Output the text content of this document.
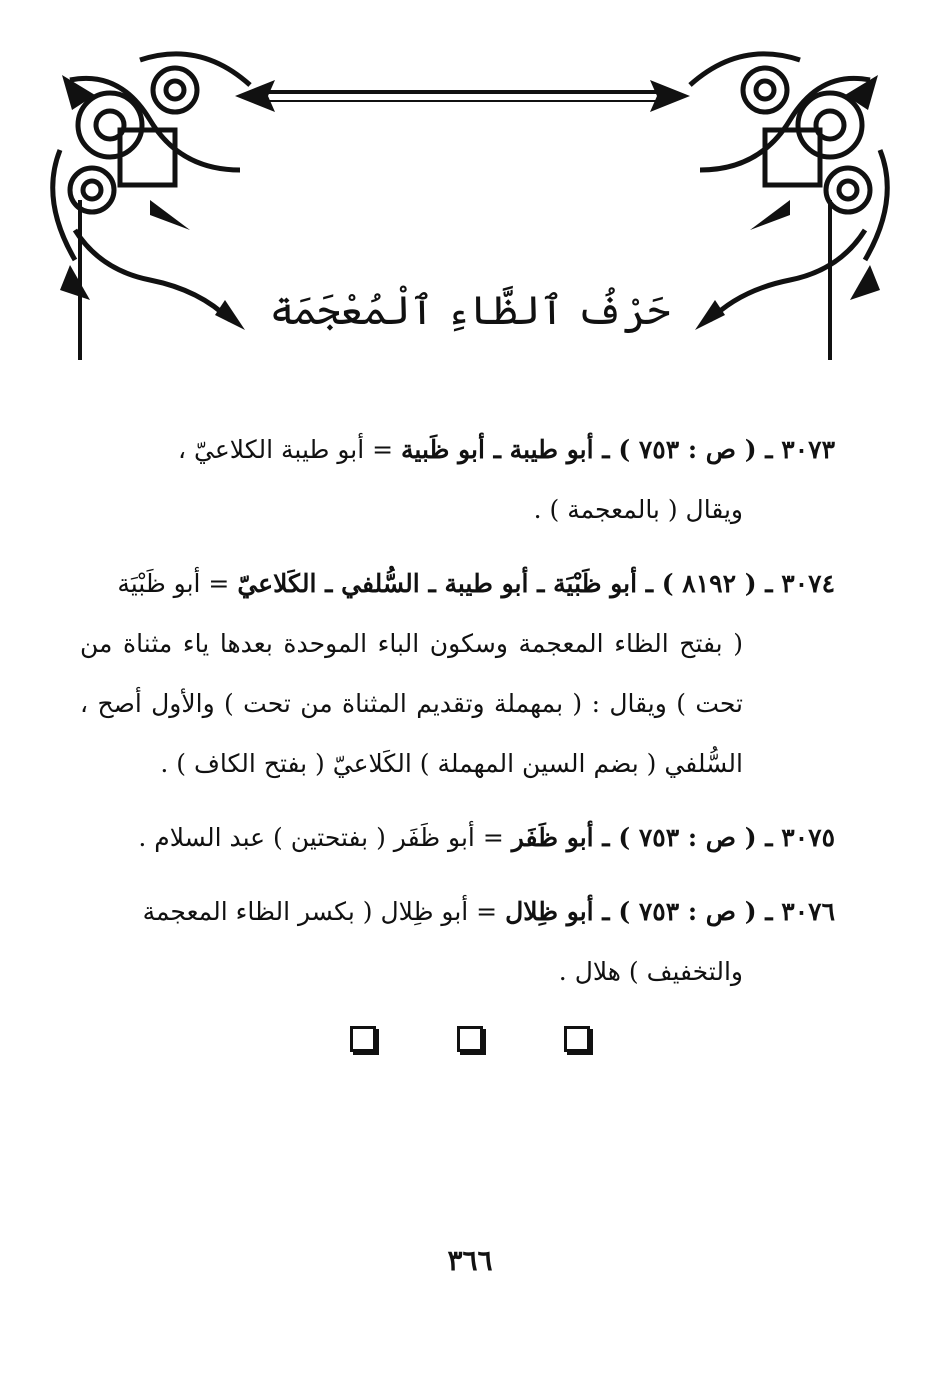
حَرْفُ ٱلظَّاءِ ٱلْمُعْجَمَة

٣٠٧٣ ـ ( ص : ٧٥٣ ) ـ أبو طيبة ـ أبو ظَبية = أبو طيبة الكلاعيّ ،
ويقال ( بالمعجمة ) .

٣٠٧٤ ـ ( ٨١٩٢ ) ـ أبو ظَبْيَة ـ أبو طيبة ـ السُّلفي ـ الكَلاعيّ = أبو ظَبْيَة

( بفتح الظاء المعجمة وسكون الباء الموحدة بعدها ياء مثناة من تحت ) ويقال : ( بمهملة وتقديم المثناة من تحت ) والأول أصح ، السُّلفي ( بضم السين المهملة ) الكَلاعيّ ( بفتح الكاف ) .

٣٠٧٥ ـ ( ص : ٧٥٣ ) ـ أبو ظَفَر = أبو ظَفَر ( بفتحتين ) عبد السلام .

٣٠٧٦ ـ ( ص : ٧٥٣ ) ـ أبو ظِلال = أبو ظِلال ( بكسر الظاء المعجمة
والتخفيف ) هلال .

٣٦٦
